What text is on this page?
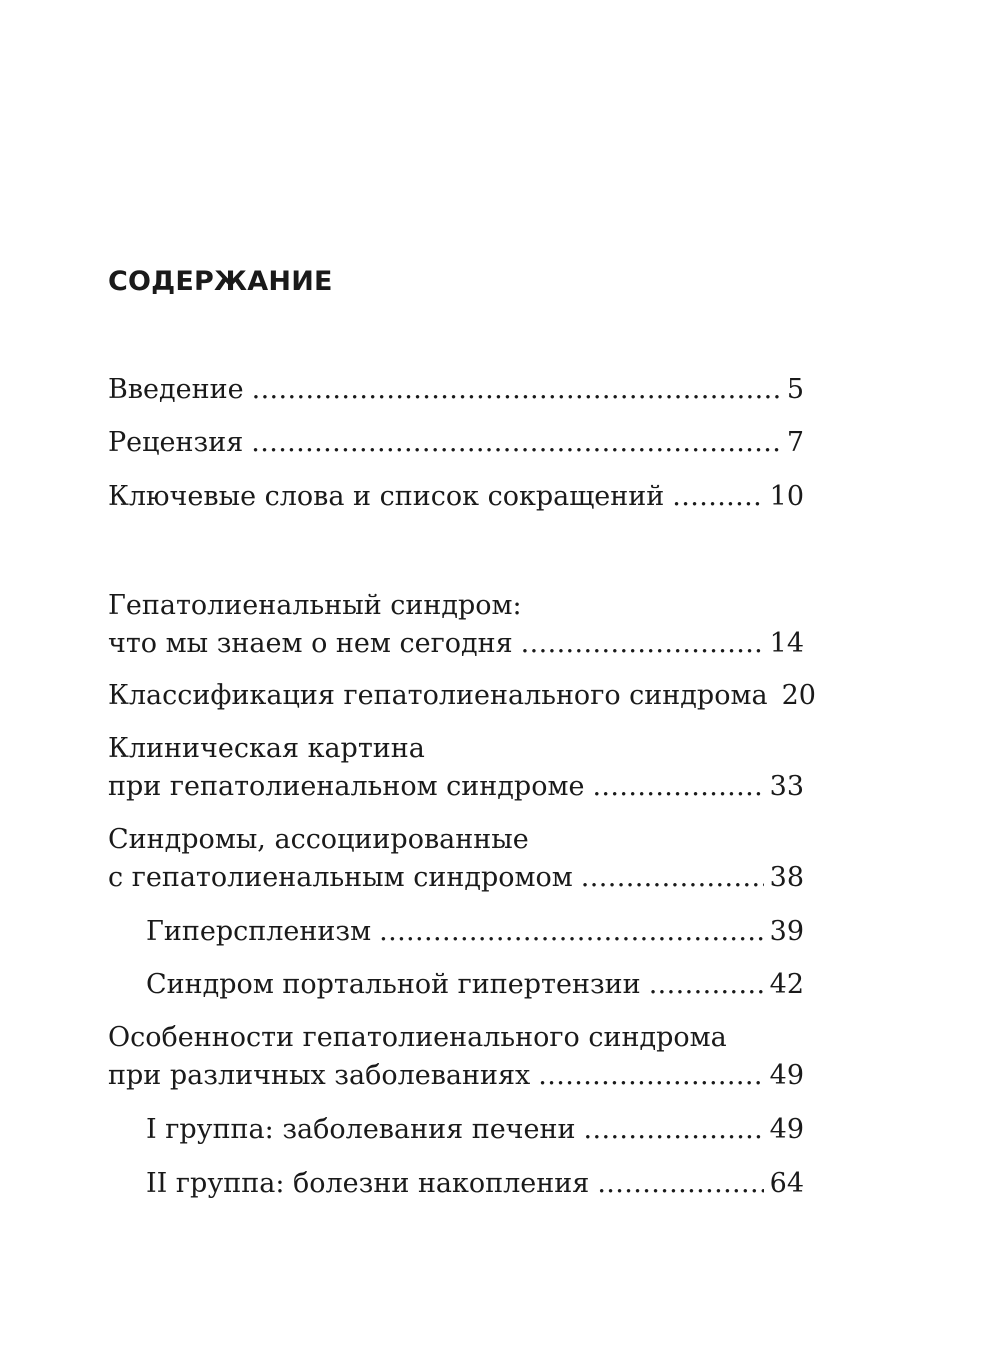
СОДЕРЖАНИЕ
Введение .....	5
Рецензия .....	7
Ключевые слова и список сокращений .....	10
Гепатолиенальный синдром:
что мы знаем о нем сегодня .....	14
Классификация гепатолиенального синдрома 20
Клиническая картина
при гепатолиенальном синдроме .....	33
Синдромы, ассоциированные
с гепатолиенальным синдромом .....	38
Гиперспленизм .....	39
Синдром портальной гипертензии .....	42
Особенности гепатолиенального синдрома
при различных заболеваниях .....	49
I группа: заболевания печени .....	49
II группа: болезни накопления .....	64
